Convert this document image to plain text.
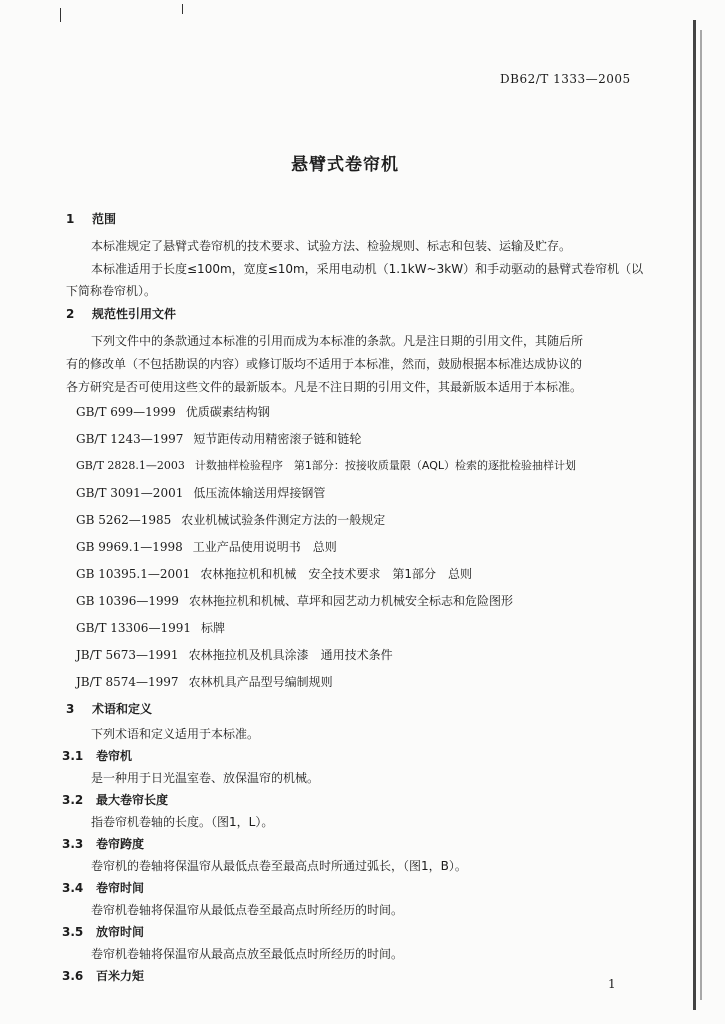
DB62/T 1333—2005
悬臂式卷帘机
1 范围
本标准规定了悬臂式卷帘机的技术要求、试验方法、检验规则、标志和包装、运输及贮存。
本标准适用于长度≤100m，宽度≤10m，采用电动机（1.1kW~3kW）和手动驱动的悬臂式卷帘机（以
下简称卷帘机）。
2 规范性引用文件
下列文件中的条款通过本标准的引用而成为本标准的条款。凡是注日期的引用文件，其随后所
有的修改单（不包括勘误的内容）或修订版均不适用于本标准，然而，鼓励根据本标准达成协议的
各方研究是否可使用这些文件的最新版本。凡是不注日期的引用文件，其最新版本适用于本标准。
GB/T 699—1999 优质碳素结构钢
GB/T 1243—1997 短节距传动用精密滚子链和链轮
GB/T 2828.1—2003 计数抽样检验程序　第1部分：按接收质量限（AQL）检索的逐批检验抽样计划
GB/T 3091—2001 低压流体输送用焊接钢管
GB 5262—1985 农业机械试验条件测定方法的一般规定
GB 9969.1—1998 工业产品使用说明书　总则
GB 10395.1—2001 农林拖拉机和机械　安全技术要求　第1部分　总则
GB 10396—1999 农林拖拉机和机械、草坪和园艺动力机械安全标志和危险图形
GB/T 13306—1991 标牌
JB/T 5673—1991 农林拖拉机及机具涂漆　通用技术条件
JB/T 8574—1997 农林机具产品型号编制规则
3 术语和定义
下列术语和定义适用于本标准。
3.1 卷帘机
是一种用于日光温室卷、放保温帘的机械。
3.2 最大卷帘长度
指卷帘机卷轴的长度。（图1，L）。
3.3 卷帘跨度
卷帘机的卷轴将保温帘从最低点卷至最高点时所通过弧长，（图1，B）。
3.4 卷帘时间
卷帘机卷轴将保温帘从最低点卷至最高点时所经历的时间。
3.5 放帘时间
卷帘机卷轴将保温帘从最高点放至最低点时所经历的时间。
3.6 百米力矩
1
